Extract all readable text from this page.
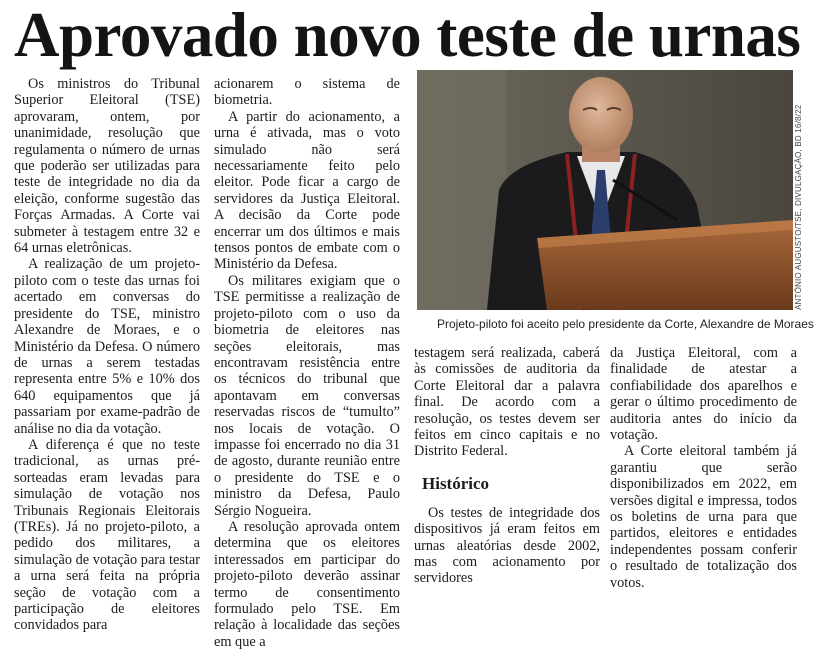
Aprovado novo teste de urnas

Os ministros do Tribunal Superior Eleitoral (TSE) aprovaram, ontem, por unanimidade, resolução que regulamenta o número de urnas que poderão ser utilizadas para teste de integridade no dia da eleição, conforme sugestão das Forças Armadas. A Corte vai submeter à testagem entre 32 e 64 urnas eletrônicas.

A realização de um projeto-piloto com o teste das urnas foi acertado em conversas do presidente do TSE, ministro Alexandre de Moraes, e o Ministério da Defesa. O número de urnas a serem testadas representa entre 5% e 10% dos 640 equipamentos que já passariam por exame-padrão de análise no dia da votação.

A diferença é que no teste tradicional, as urnas pré-sorteadas eram levadas para simulação de votação nos Tribunais Regionais Eleitorais (TREs). Já no projeto-piloto, a pedido dos militares, a simulação de votação para testar a urna será feita na própria seção de votação com a participação de eleitores convidados para

acionarem o sistema de biometria.

A partir do acionamento, a urna é ativada, mas o voto simulado não será necessariamente feito pelo eleitor. Pode ficar a cargo de servidores da Justiça Eleitoral. A decisão da Corte pode encerrar um dos últimos e mais tensos pontos de embate com o Ministério da Defesa.

Os militares exigiam que o TSE permitisse a realização de projeto-piloto com o uso da biometria de eleitores nas seções eleitorais, mas encontravam resistência entre os técnicos do tribunal que apontavam em conversas reservadas riscos de “tumulto” nos locais de votação. O impasse foi encerrado no dia 31 de agosto, durante reunião entre o presidente do TSE e o ministro da Defesa, Paulo Sérgio Nogueira.

A resolução aprovada ontem determina que os eleitores interessados em participar do projeto-piloto deverão assinar termo de consentimento formulado pelo TSE. Em relação à localidade das seções em que a

ANTÔNIO AUGUSTO/TSE, DIVULGAÇÃO, BD 16/8/22
Projeto-piloto foi aceito pelo presidente da Corte, Alexandre de Moraes

testagem será realizada, caberá às comissões de auditoria da Corte Eleitoral dar a palavra final. De acordo com a resolução, os testes devem ser feitos em cinco capitais e no Distrito Federal.

Histórico

Os testes de integridade dos dispositivos já eram feitos em urnas aleatórias desde 2002, mas com acionamento por servidores

da Justiça Eleitoral, com a finalidade de atestar a confiabilidade dos aparelhos e gerar o último procedimento de auditoria antes do início da votação.

A Corte eleitoral também já garantiu que serão disponibilizados em 2022, em versões digital e impressa, todos os boletins de urna para que partidos, eleitores e entidades independentes possam conferir o resultado de totalização dos votos.
